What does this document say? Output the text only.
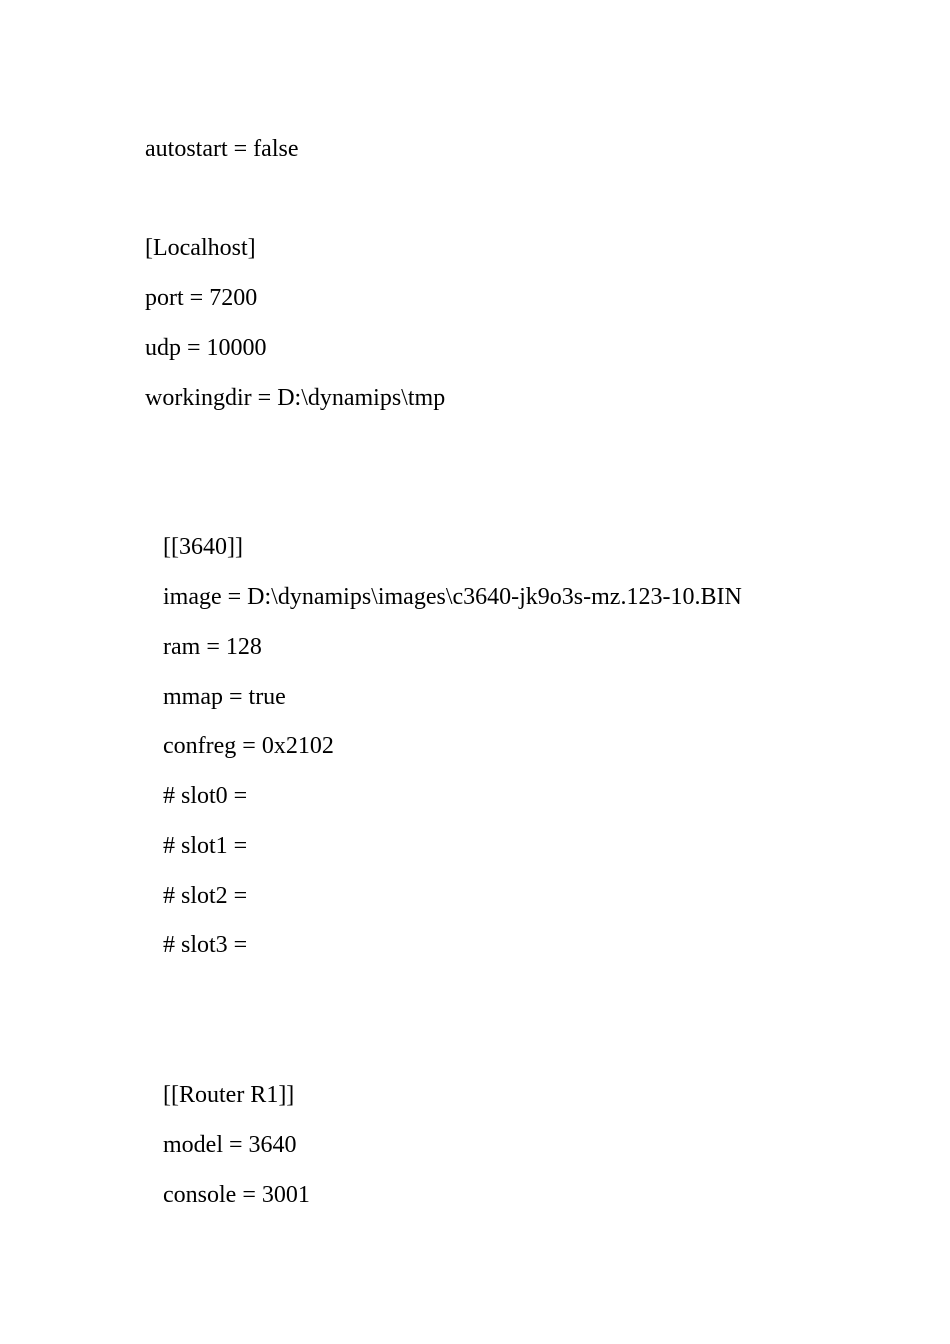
autostart = false
[Localhost]
port = 7200
udp = 10000
workingdir = D:\dynamips\tmp
[[3640]]
image = D:\dynamips\images\c3640-jk9o3s-mz.123-10.BIN
ram = 128
mmap = true
confreg = 0x2102
# slot0 =
# slot1 =
# slot2 =
# slot3 =
[[Router R1]]
model = 3640
console = 3001
